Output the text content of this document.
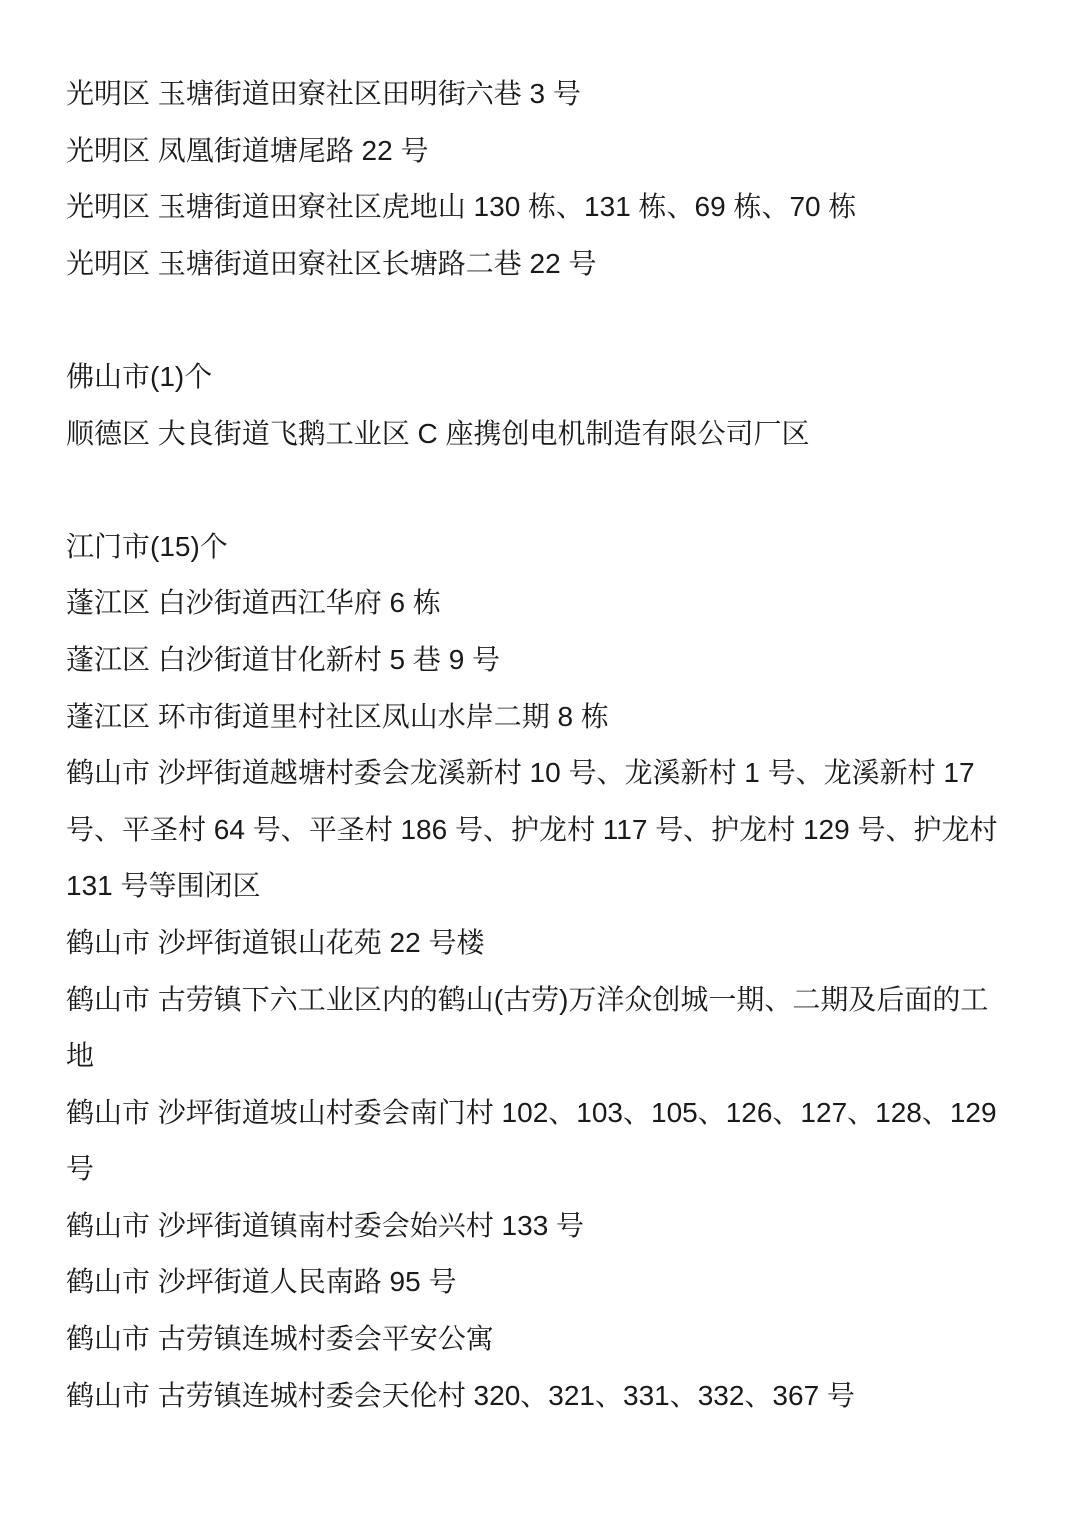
光明区 玉塘街道田寮社区田明街六巷 3 号
光明区 凤凰街道塘尾路 22 号
光明区 玉塘街道田寮社区虎地山 130 栋、131 栋、69 栋、70 栋
光明区 玉塘街道田寮社区长塘路二巷 22 号
佛山市(1)个
顺德区 大良街道飞鹅工业区 C 座携创电机制造有限公司厂区
江门市(15)个
蓬江区 白沙街道西江华府 6 栋
蓬江区 白沙街道甘化新村 5 巷 9 号
蓬江区 环市街道里村社区凤山水岸二期 8 栋
鹤山市 沙坪街道越塘村委会龙溪新村 10 号、龙溪新村 1 号、龙溪新村 17
号、平圣村 64 号、平圣村 186 号、护龙村 117 号、护龙村 129 号、护龙村
131 号等围闭区
鹤山市 沙坪街道银山花苑 22 号楼
鹤山市 古劳镇下六工业区内的鹤山(古劳)万洋众创城一期、二期及后面的工
地
鹤山市 沙坪街道坡山村委会南门村 102、103、105、126、127、128、129
号
鹤山市 沙坪街道镇南村委会始兴村 133 号
鹤山市 沙坪街道人民南路 95 号
鹤山市 古劳镇连城村委会平安公寓
鹤山市 古劳镇连城村委会天伦村 320、321、331、332、367 号
